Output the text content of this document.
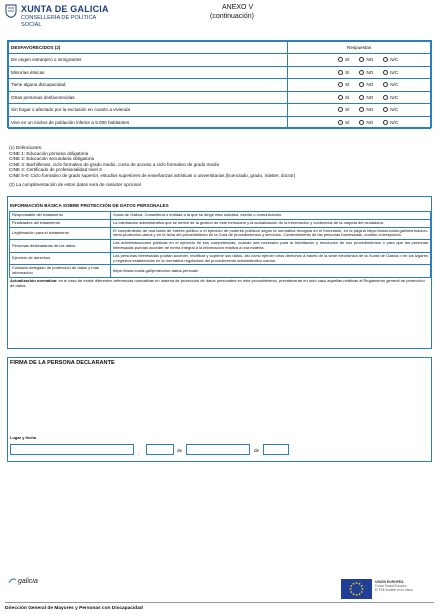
XUNTA DE GALICIA
CONSELLERÍA DE POLÍTICA
SOCIAL
ANEXO V
(continuación)
DESFAVORECIDOS (2)	Respuestas
De origen extranjero o inmigrantes	SÍ NO N/C
Minorías étnicas	SÍ NO N/C
Tiene alguna discapacidad	SÍ NO N/C
Otras personas desfavorecidas	SÍ NO N/C
Sin hogar o afectado por la exclusión en cuanto a vivienda	SÍ NO N/C
Vive en un núcleo de población inferior a 5.000 habitantes	SÍ NO N/C
(1) Definiciones:
CINE 1: Educación primaria obligatoria
CINE 2: Educación secundaria obligatoria
CINE 3: Bachillerato, ciclo formativo de grado medio, curso de acceso a ciclo formativo de grado medio
CINE 4: Certificado de profesionalidad nivel 3
CINE 5-8: Ciclo formativo de grado superior, estudios superiores de enseñanzas artísticas o universitarias (licenciado, grado, máster, doctor)
(2) La cumplimentación de estos datos será de carácter opcional
INFORMACIÓN BÁSICA SOBRE PROTECCIÓN DE DATOS PERSONALES
Responsable del tratamiento	Xunta de Galicia. Consellería o entidad a la que se dirige esta solicitud, escrito o comunicación.
Finalidades del tratamiento	La tramitación administrativa que se derive de la gestión de este formulario y la actualización de la información y contenidos de la carpeta del ciudadano.
Legitimación para el tratamiento	El cumplimiento de una tarea de interés público o el ejercicio de poderes públicos según la normativa recogida en el formulario, en la página https://www.xunta.gal/informacion-xeral-proteccion-datos y en la ficha del procedimiento en la Guía de procedimientos y servicios. Consentimiento de las personas interesadas, cuando corresponda.
Personas destinatarias de los datos	Las administraciones públicas en el ejercicio de sus competencias, cuando sea necesario para la tramitación y resolución de sus procedimientos o para que las personas interesadas puedan acceder de forma integral a la información relativa a una materia.
Ejercicio de derechos	Las personas interesadas podrán acceder, rectificar y suprimir sus datos, así como ejercer otros derechos a través de la sede electrónica de la Xunta de Galicia o en los lugares y registros establecidos en la normativa reguladora del procedimiento administrativo común.
Contacto delegado de protección de datos y más información	https://www.xunta.gal/proteccion-datos-persoais
Actualización normativa: en el caso de existir diferentes referencias normativas en materia de protección de datos personales en este procedimiento, prevalecerán en todo caso aquellas relativas al Reglamento general de protección de datos.
FIRMA DE LA PERSONA DECLARANTE
Lugar y fecha
,	de	de
galicia	UNIÓN EUROPEA
Fondo Social Europeo
El FSE invierte en tu futuro
Dirección General de Mayores y Personas con Discapacidad
